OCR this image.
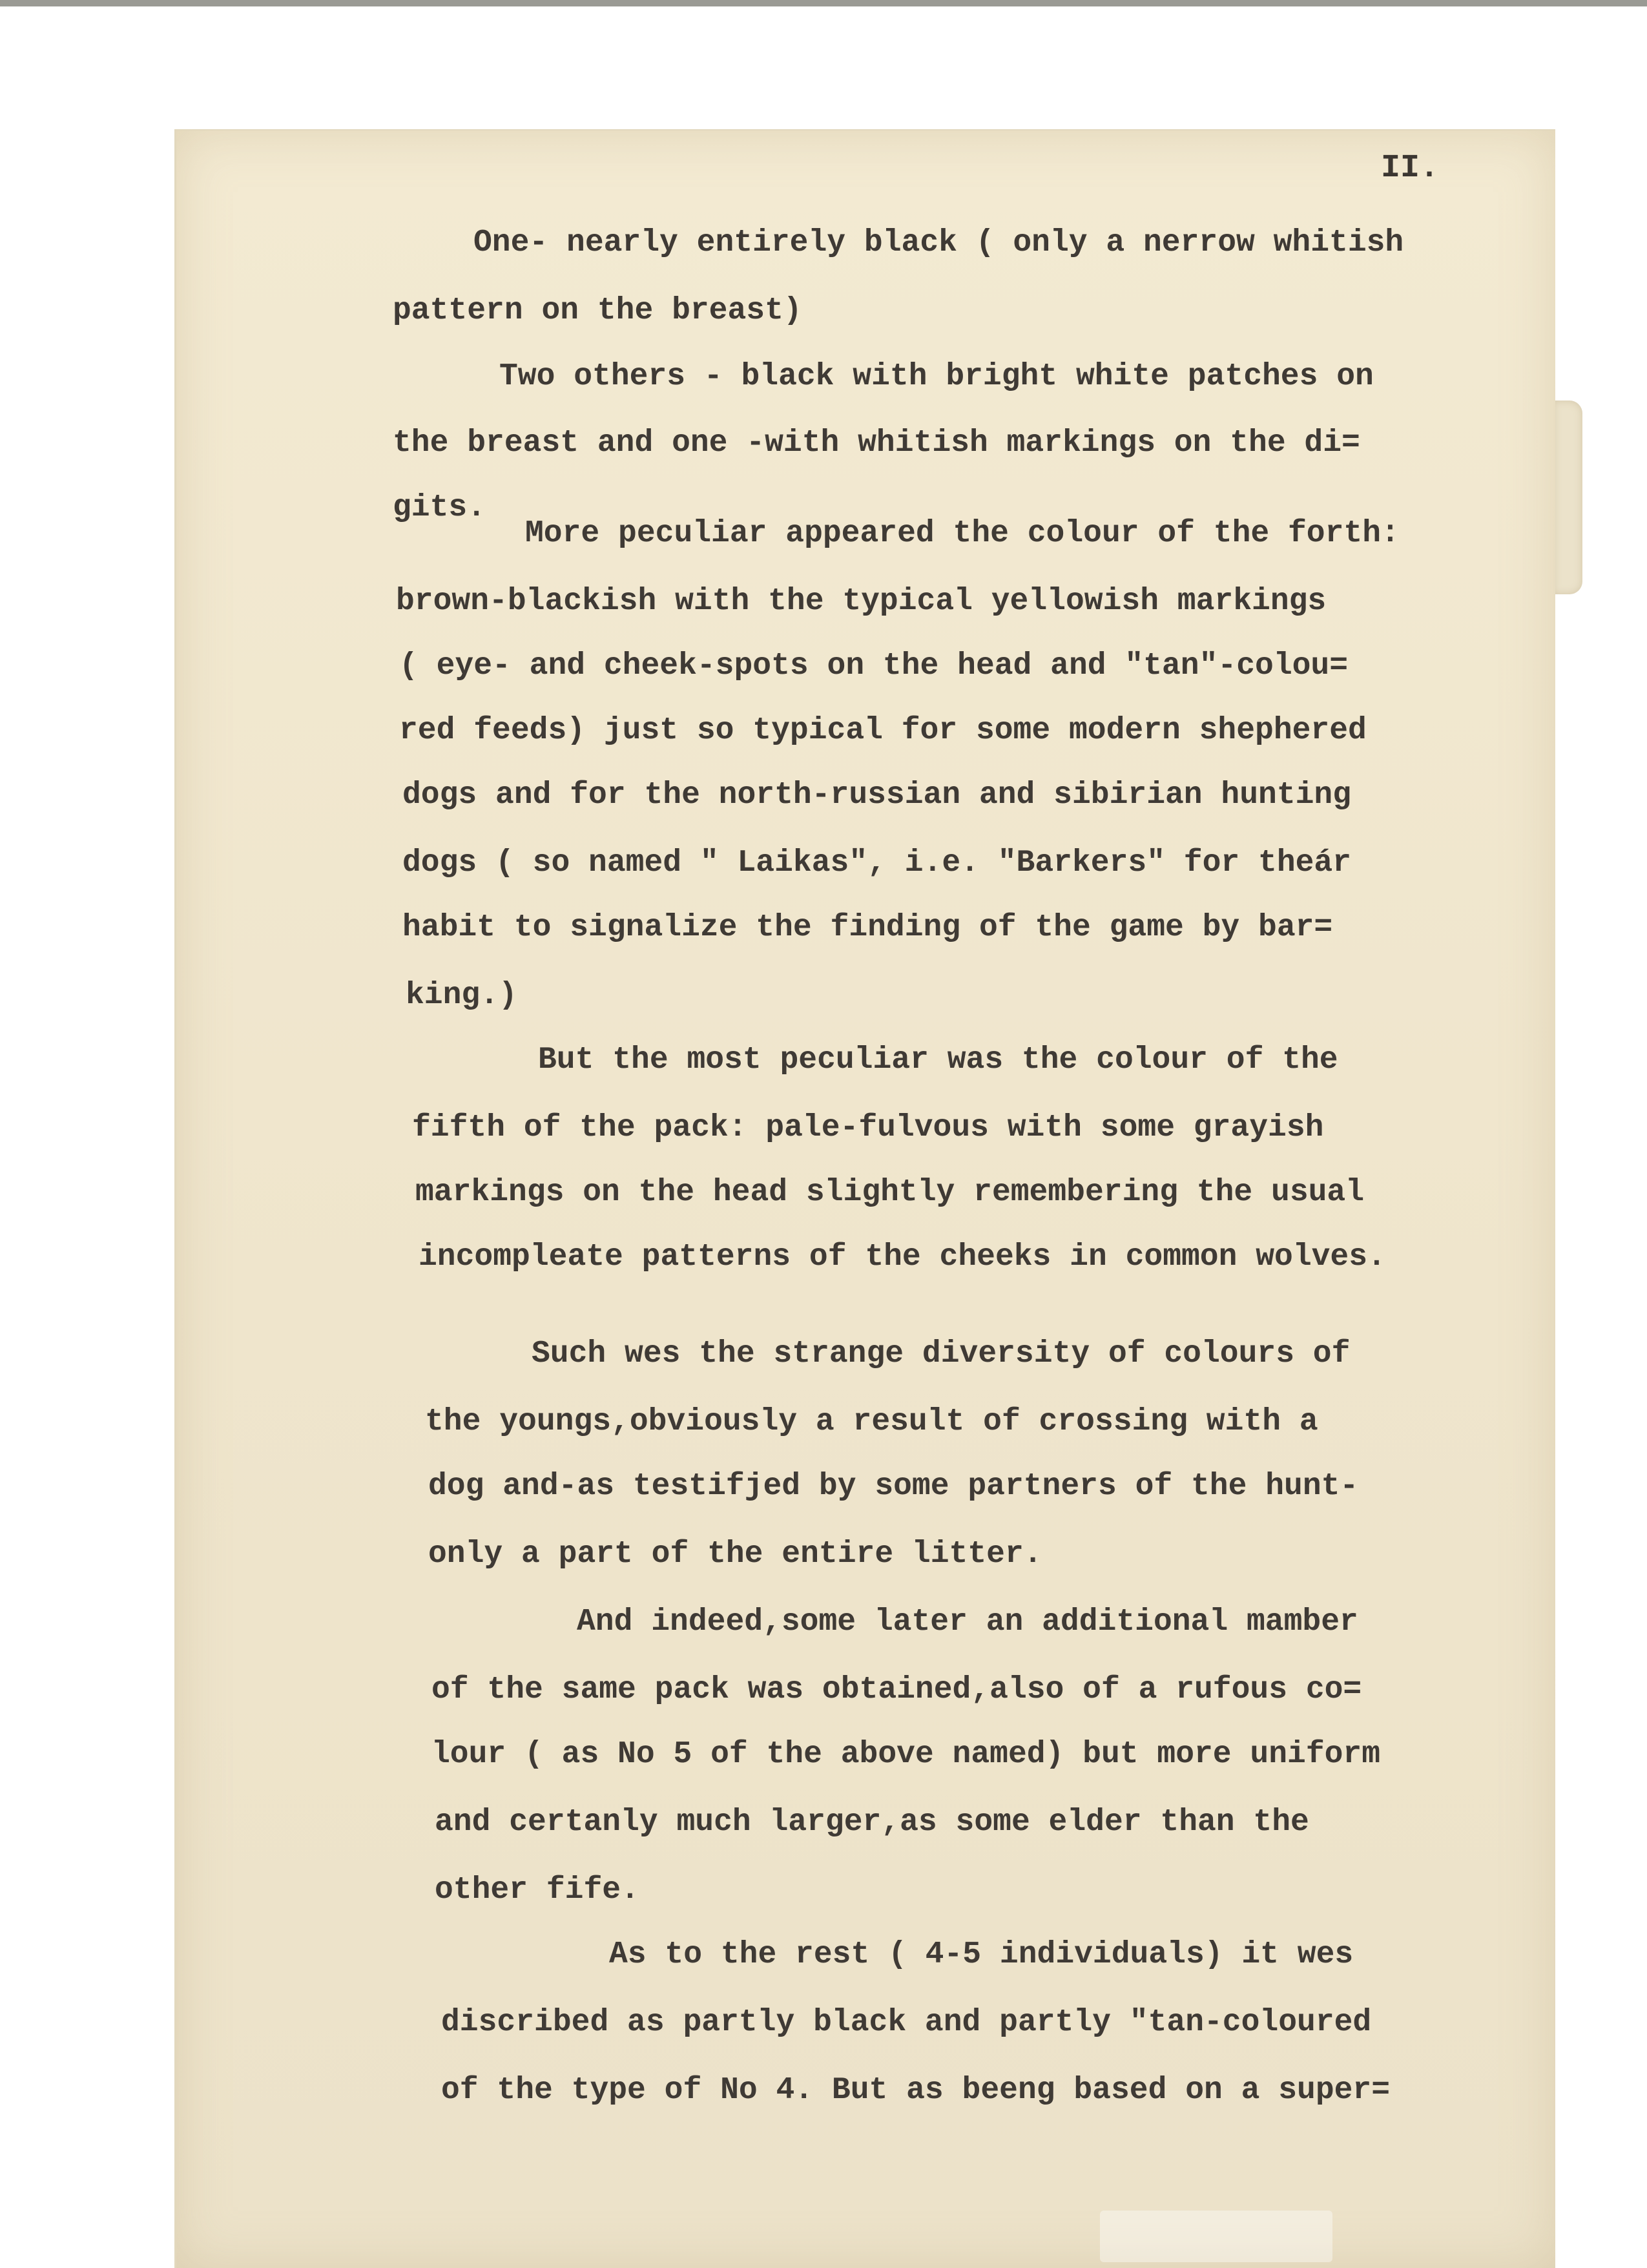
II.
One- nearly entirely black ( only a nerrow whitish
pattern on the breast)
Two others - black with bright white patches on
the breast and one -with whitish markings on the di=
gits.
More peculiar appeared the colour of the forth:
brown-blackish with the typical yellowish markings
( eye- and cheek-spots on the head and "tan"-colou=
red feeds) just so typical for some modern shephered
dogs and for the north-russian and sibirian hunting
dogs ( so named " Laikas", i.e. "Barkers" for theár
habit to signalize the finding of the game by bar=
king.)
But the most peculiar was the colour of the
fifth of the pack: pale-fulvous with some grayish
markings on the head slightly remembering the usual
incompleate patterns of the cheeks in common wolves.
Such wes the strange diversity of colours of
the youngs,obviously a result of crossing with a
dog and-as testifjed by some partners of the hunt-
only a part of the entire litter.
And indeed,some later an additional mamber
of the same pack was obtained,also of a rufous co=
lour ( as No 5 of the above named) but more uniform
and certanly much larger,as some elder than the
other fife.
As to the rest ( 4-5 individuals) it wes
discribed as partly black and partly "tan-coloured
of the type of No 4. But as beeng based on a super=
